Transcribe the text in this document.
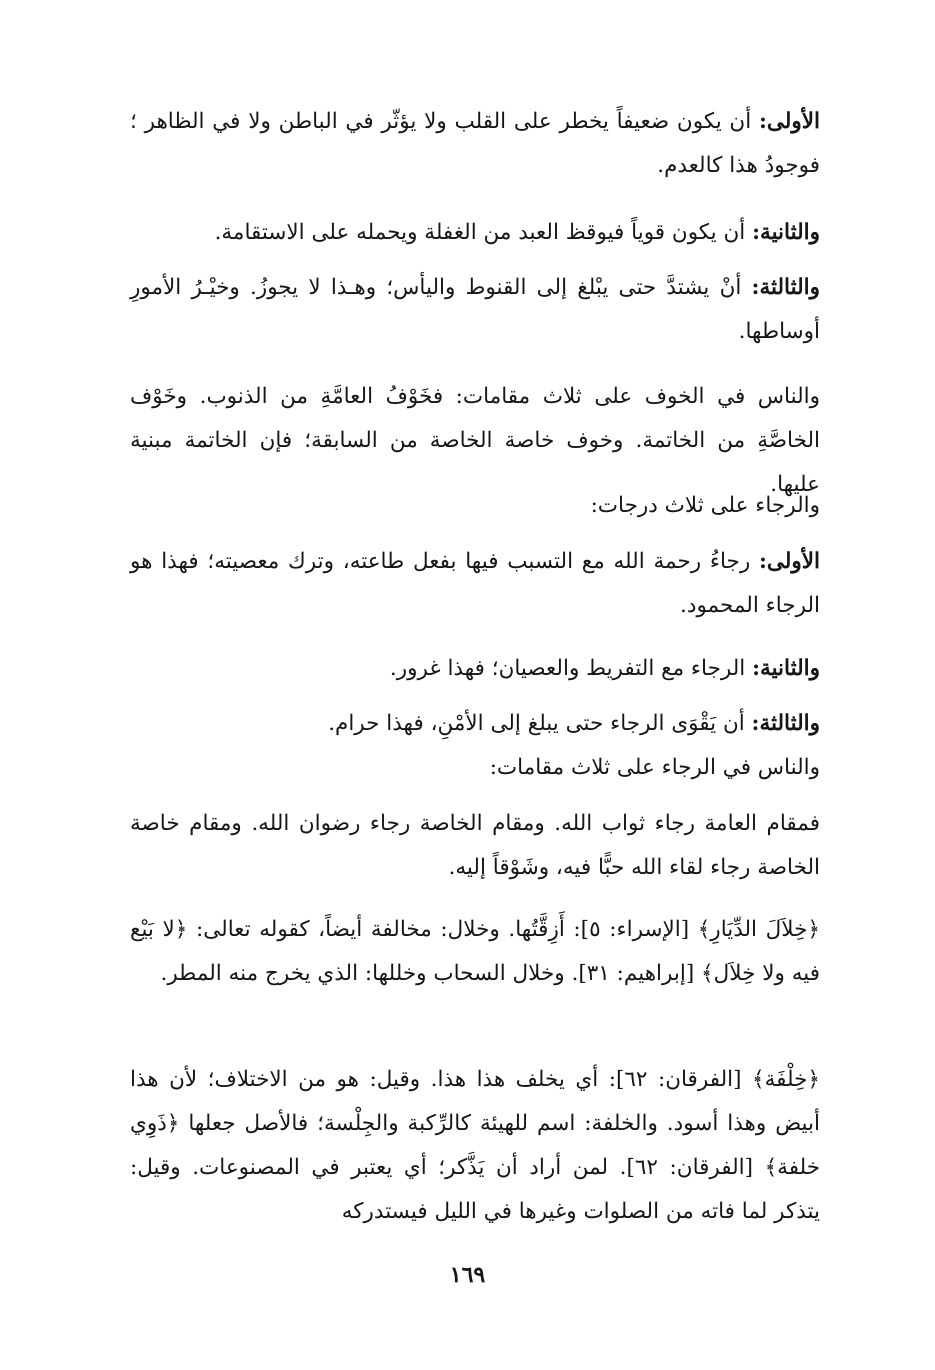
الأولى: أن يكون ضعيفاً يخطر على القلب ولا يؤثّر في الباطن ولا في الظاهر ؛ فوجودُ هذا كالعدم.

والثانية: أن يكون قوياً فيوقظ العبد من الغفلة ويحمله على الاستقامة.

والثالثة: أنْ يشتدَّ حتى يبْلغ إلى القنوط واليأس؛ وهـذا لا يجوزُ. وخيْـرُ الأمورِ أوساطها.

والناس في الخوف على ثلاث مقامات: فخَوْفُ العامَّةِ من الذنوب. وخَوْف الخاصَّةِ من الخاتمة. وخوف خاصة الخاصة من السابقة؛ فإن الخاتمة مبنية عليها.

والرجاء على ثلاث درجات:

الأولى: رجاءُ رحمة الله مع التسبب فيها بفعل طاعته، وترك معصيته؛ فهذا هو الرجاء المحمود.

والثانية: الرجاء مع التفريط والعصيان؛ فهذا غرور.

والثالثة: أن يَقْوَى الرجاء حتى يبلغ إلى الأمْنِ، فهذا حرام.

والناس في الرجاء على ثلاث مقامات:

فمقام العامة رجاء ثواب الله. ومقام الخاصة رجاء رضوان الله. ومقام خاصة الخاصة رجاء لقاء الله حبًّا فيه، وشَوْقاً إليه.

﴿خِلاَلَ الدِّيَارِ﴾ [الإسراء: ٥]: أَزِقَّتُها. وخلال: مخالفة أيضاً، كقوله تعالى: ﴿لا بَيْع فيه ولا خِلاَل﴾ [إبراهيم: ٣١]. وخلال السحاب وخللها: الذي يخرج منه المطر.

﴿خِلْفَة﴾ [الفرقان: ٦٢]: أي يخلف هذا هذا. وقيل: هو من الاختلاف؛ لأن هذا أبيض وهذا أسود. والخلفة: اسم للهيئة كالرِّكبة والجِلْسة؛ فالأصل جعلها ﴿ذَوِي خلفة﴾ [الفرقان: ٦٢]. لمن أراد أن يَذَّكر؛ أي يعتبر في المصنوعات. وقيل: يتذكر لما فاته من الصلوات وغيرها في الليل فيستدركه

١٦٩
